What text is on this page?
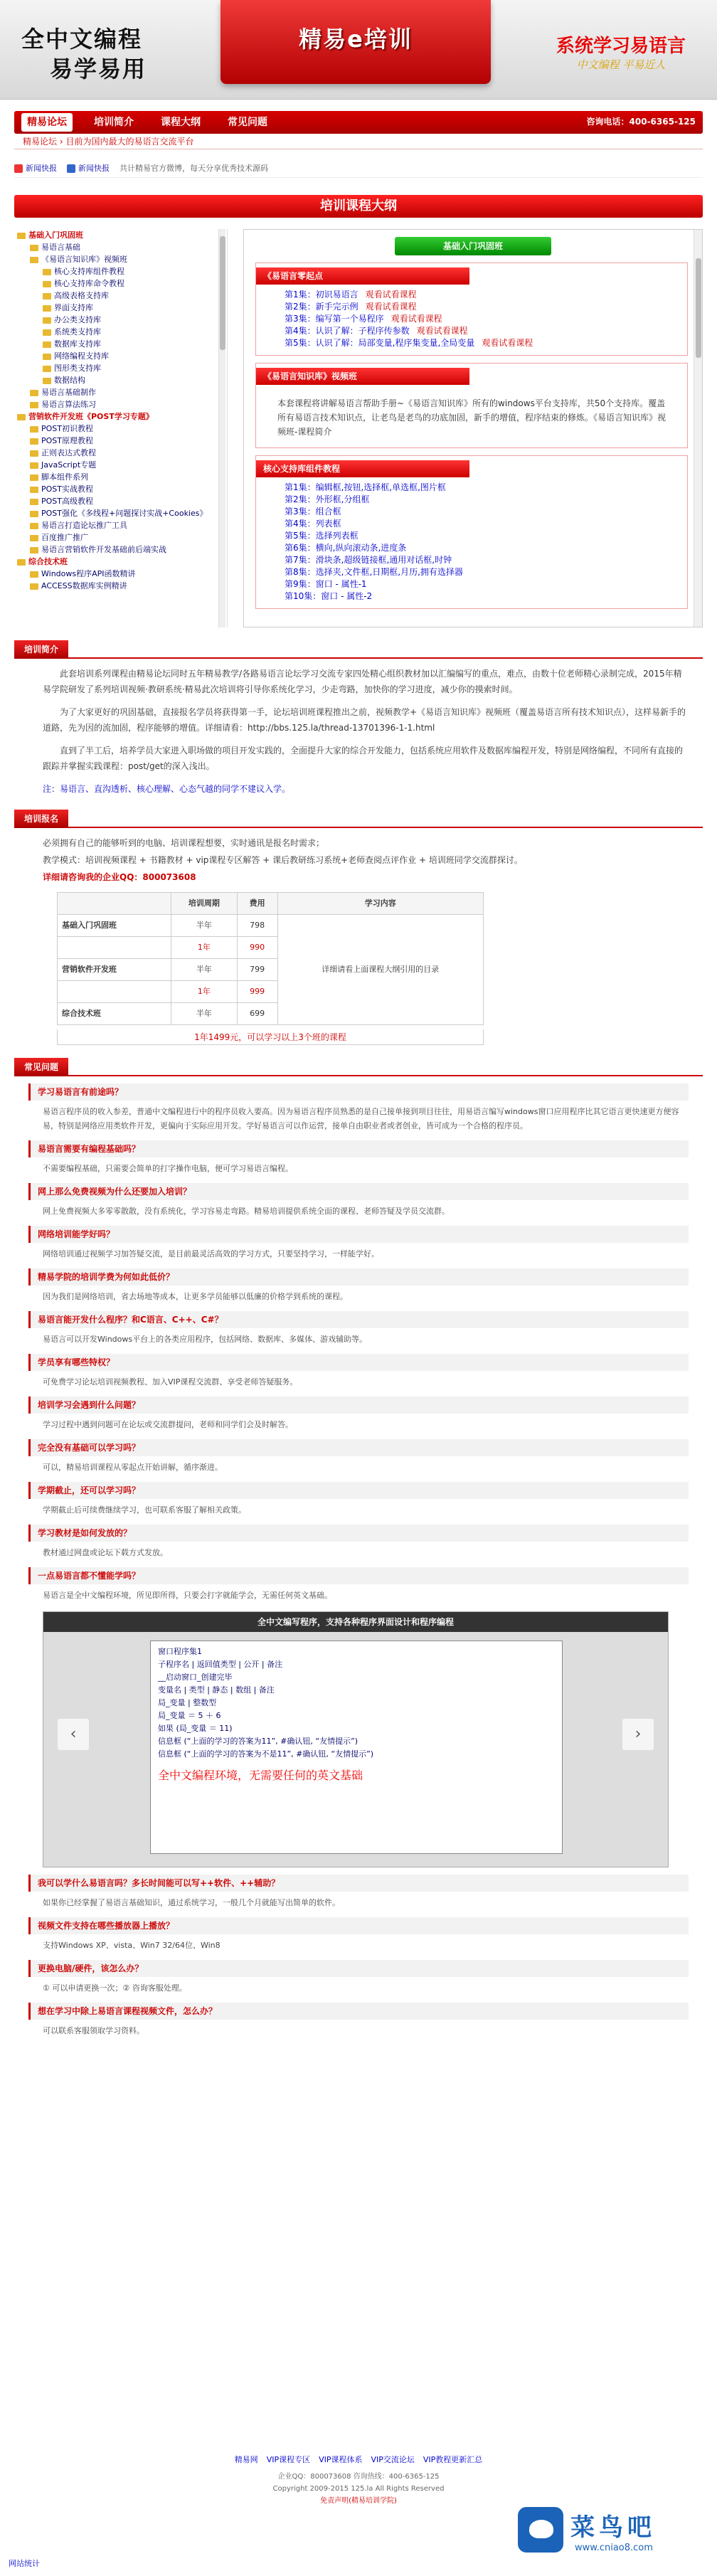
全中文编程
易学易用
精易e培训	系统学习易语言
中文编程 平易近人
精易论坛	培训简介	课程大纲	常见问题	咨询电话：400-6365-125
精易论坛 › 目前为国内最大的易语言交流平台
新闻快报	新闻快报 共计精易官方微博，每天分享优秀技术源码
培训课程大纲
基础入门巩固班
易语言基础
《易语言知识库》视频班
核心支持库组件教程
核心支持库命令教程
高级表格支持库
界面支持库
办公类支持库
系统类支持库
数据库支持库
网络编程支持库
图形类支持库
数据结构
易语言基础制作
易语言算法练习
营销软件开发班《POST学习专题》
POST初识教程
POST原理教程
正则表达式教程
JavaScript专题
脚本组件系列
POST实战教程
POST高级教程
POST强化《多线程+问题探讨实战+Cookies》
易语言打造论坛推广工具
百度推广推广
易语言营销软件开发基础前后端实战
综合技术班
Windows程序API函数精讲
ACCESS数据库实例精讲
基础入门巩固班
《易语言零起点
第1集：初识易语言 观看试看课程
第2集：新手完示例 观看试看课程
第3集：编写第一个易程序 观看试看课程
第4集：认识了解：子程序传参数 观看试看课程
第5集：认识了解：局部变量,程序集变量,全局变量 观看试看课程
《易语言知识库》视频班
本套课程将讲解易语言帮助手册~《易语言知识库》所有的windows平台支持库，共50个支持库。覆盖所有易语言技术知识点，让老鸟是老鸟的功底加固，新手的增值，程序结束的修炼。《易语言知识库》视频班-课程简介
核心支持库组件教程
第1集：编辑框,按钮,选择框,单选框,图片框
第2集：外形框,分组框
第3集：组合框
第4集：列表框
第5集：选择列表框
第6集：横向,纵向滚动条,进度条
第7集：滑块条,超级链接框,通用对话框,时钟
第8集：选择夹,文件框,日期框,月历,拥有选择器
第9集：窗口 - 属性-1
第10集：窗口 - 属性-2
培训简介

此套培训系列课程由精易论坛同时五年精易教学/各路易语言论坛学习交流专家四处精心组织教材加以汇编编写的重点，难点，由数十位老师精心录制完成，2015年精易学院研发了系列培训视频·教研系统·精易此次培训将引导你系统化学习，少走弯路，加快你的学习进度，减少你的摸索时间。

为了大家更好的巩固基础，直接报名学员将获得第一手，论坛培训班课程推出之前，视频教学+《易语言知识库》视频班（覆盖易语言所有技术知识点），这样易新手的道路，先为因的流加固，程序能够的增值。详细请看：http://bbs.125.la/thread-13701396-1-1.html

直到了半工后，培养学员大家进入职场做的项目开发实践的，全面提升大家的综合开发能力，包括系统应用软件及数据库编程开发，特别是网络编程，不同所有直接的跟踪并掌握实践课程：post/get的深入浅出。

注：易语言、直沟透析、核心理解、心态气越的同学不建议入学。

培训报名

必须拥有自己的能够听到的电脑、培训课程想要，实时通讯是报名时需求；

教学模式：培训视频课程 + 书籍教材 + vip课程专区解答 + 课后教研练习系统+老师查阅点评作业 + 培训班同学交流群探讨。

详细请咨询我的企业QQ：800073608

	培训周期	费用	学习内容
基础入门巩固班	半年	798	详细请看上面课程大纲引用的目录
	1年	990	
营销软件开发班	半年	799	
	1年	999	
综合技术班	半年	699	
1年1499元，可以学习以上3个班的课程
常见问题
学习易语言有前途吗？
易语言程序员的收入参差，普通中文编程进行中的程序员收入要高。因为易语言程序员熟悉的是自己接单接到项目往往，用易语言编写windows窗口应用程序比其它语言更快速更方便容易，特别是网络应用类软件开发，更偏向于实际应用开发。学好易语言可以作运营，接单自由职业者或者创业，皆可成为一个合格的程序员。
易语言需要有编程基础吗？
不需要编程基础，只需要会简单的打字操作电脑，便可学习易语言编程。
网上那么免费视频为什么还要加入培训？
网上免费视频大多零零散散，没有系统化，学习容易走弯路。精易培训提供系统全面的课程、老师答疑及学员交流群。
网络培训能学好吗？
网络培训通过视频学习加答疑交流，是目前最灵活高效的学习方式，只要坚持学习，一样能学好。
精易学院的培训学费为何如此低价？
因为我们是网络培训，省去场地等成本，让更多学员能够以低廉的价格学到系统的课程。
易语言能开发什么程序？和C语言、C++、C#？
易语言可以开发Windows平台上的各类应用程序，包括网络、数据库、多媒体、游戏辅助等。
学员享有哪些特权？
可免费学习论坛培训视频教程、加入VIP课程交流群、享受老师答疑服务。
培训学习会遇到什么问题？
学习过程中遇到问题可在论坛或交流群提问，老师和同学们会及时解答。
完全没有基础可以学习吗？
可以，精易培训课程从零起点开始讲解，循序渐进。
学期截止，还可以学习吗？
学期截止后可续费继续学习，也可联系客服了解相关政策。
学习教材是如何发放的？
教材通过网盘或论坛下载方式发放。
一点易语言都不懂能学吗？
易语言是全中文编程环境，所见即所得，只要会打字就能学会，无需任何英文基础。
全中文编写程序，支持各种程序界面设计和程序编程
窗口程序集1
子程序名 | 返回值类型 | 公开 | 备注
__启动窗口_创建完毕
变量名 | 类型 | 静态 | 数组 | 备注
局_变量 | 整数型
局_变量 ＝ 5 ＋ 6
如果 (局_变量 ＝ 11)
信息框 (“上面的学习的答案为11”, #确认钮, “友情提示”)
信息框 (“上面的学习的答案为不是11”, #确认钮, “友情提示”)
全中文编程环境，无需要任何的英文基础
‹	›
我可以学什么易语言吗？多长时间能可以写++软件、++辅助？
如果你已经掌握了易语言基础知识，通过系统学习，一般几个月就能写出简单的软件。
视频文件支持在哪些播放器上播放？
支持Windows XP、vista、Win7 32/64位、Win8
更换电脑/硬件，该怎么办？
① 可以申请更换一次；② 咨询客服处理。
想在学习中除上易语言课程视频文件，怎么办？
可以联系客服领取学习资料。
精易网 VIP课程专区 VIP课程体系 VIP交流论坛 VIP教程更新汇总
企业QQ：800073608 咨询热线：400-6365-125
Copyright 2009-2015 125.la All Rights Reserved
免责声明(精易培训学院)
网站统计
菜鸟吧
www.cniao8.com
